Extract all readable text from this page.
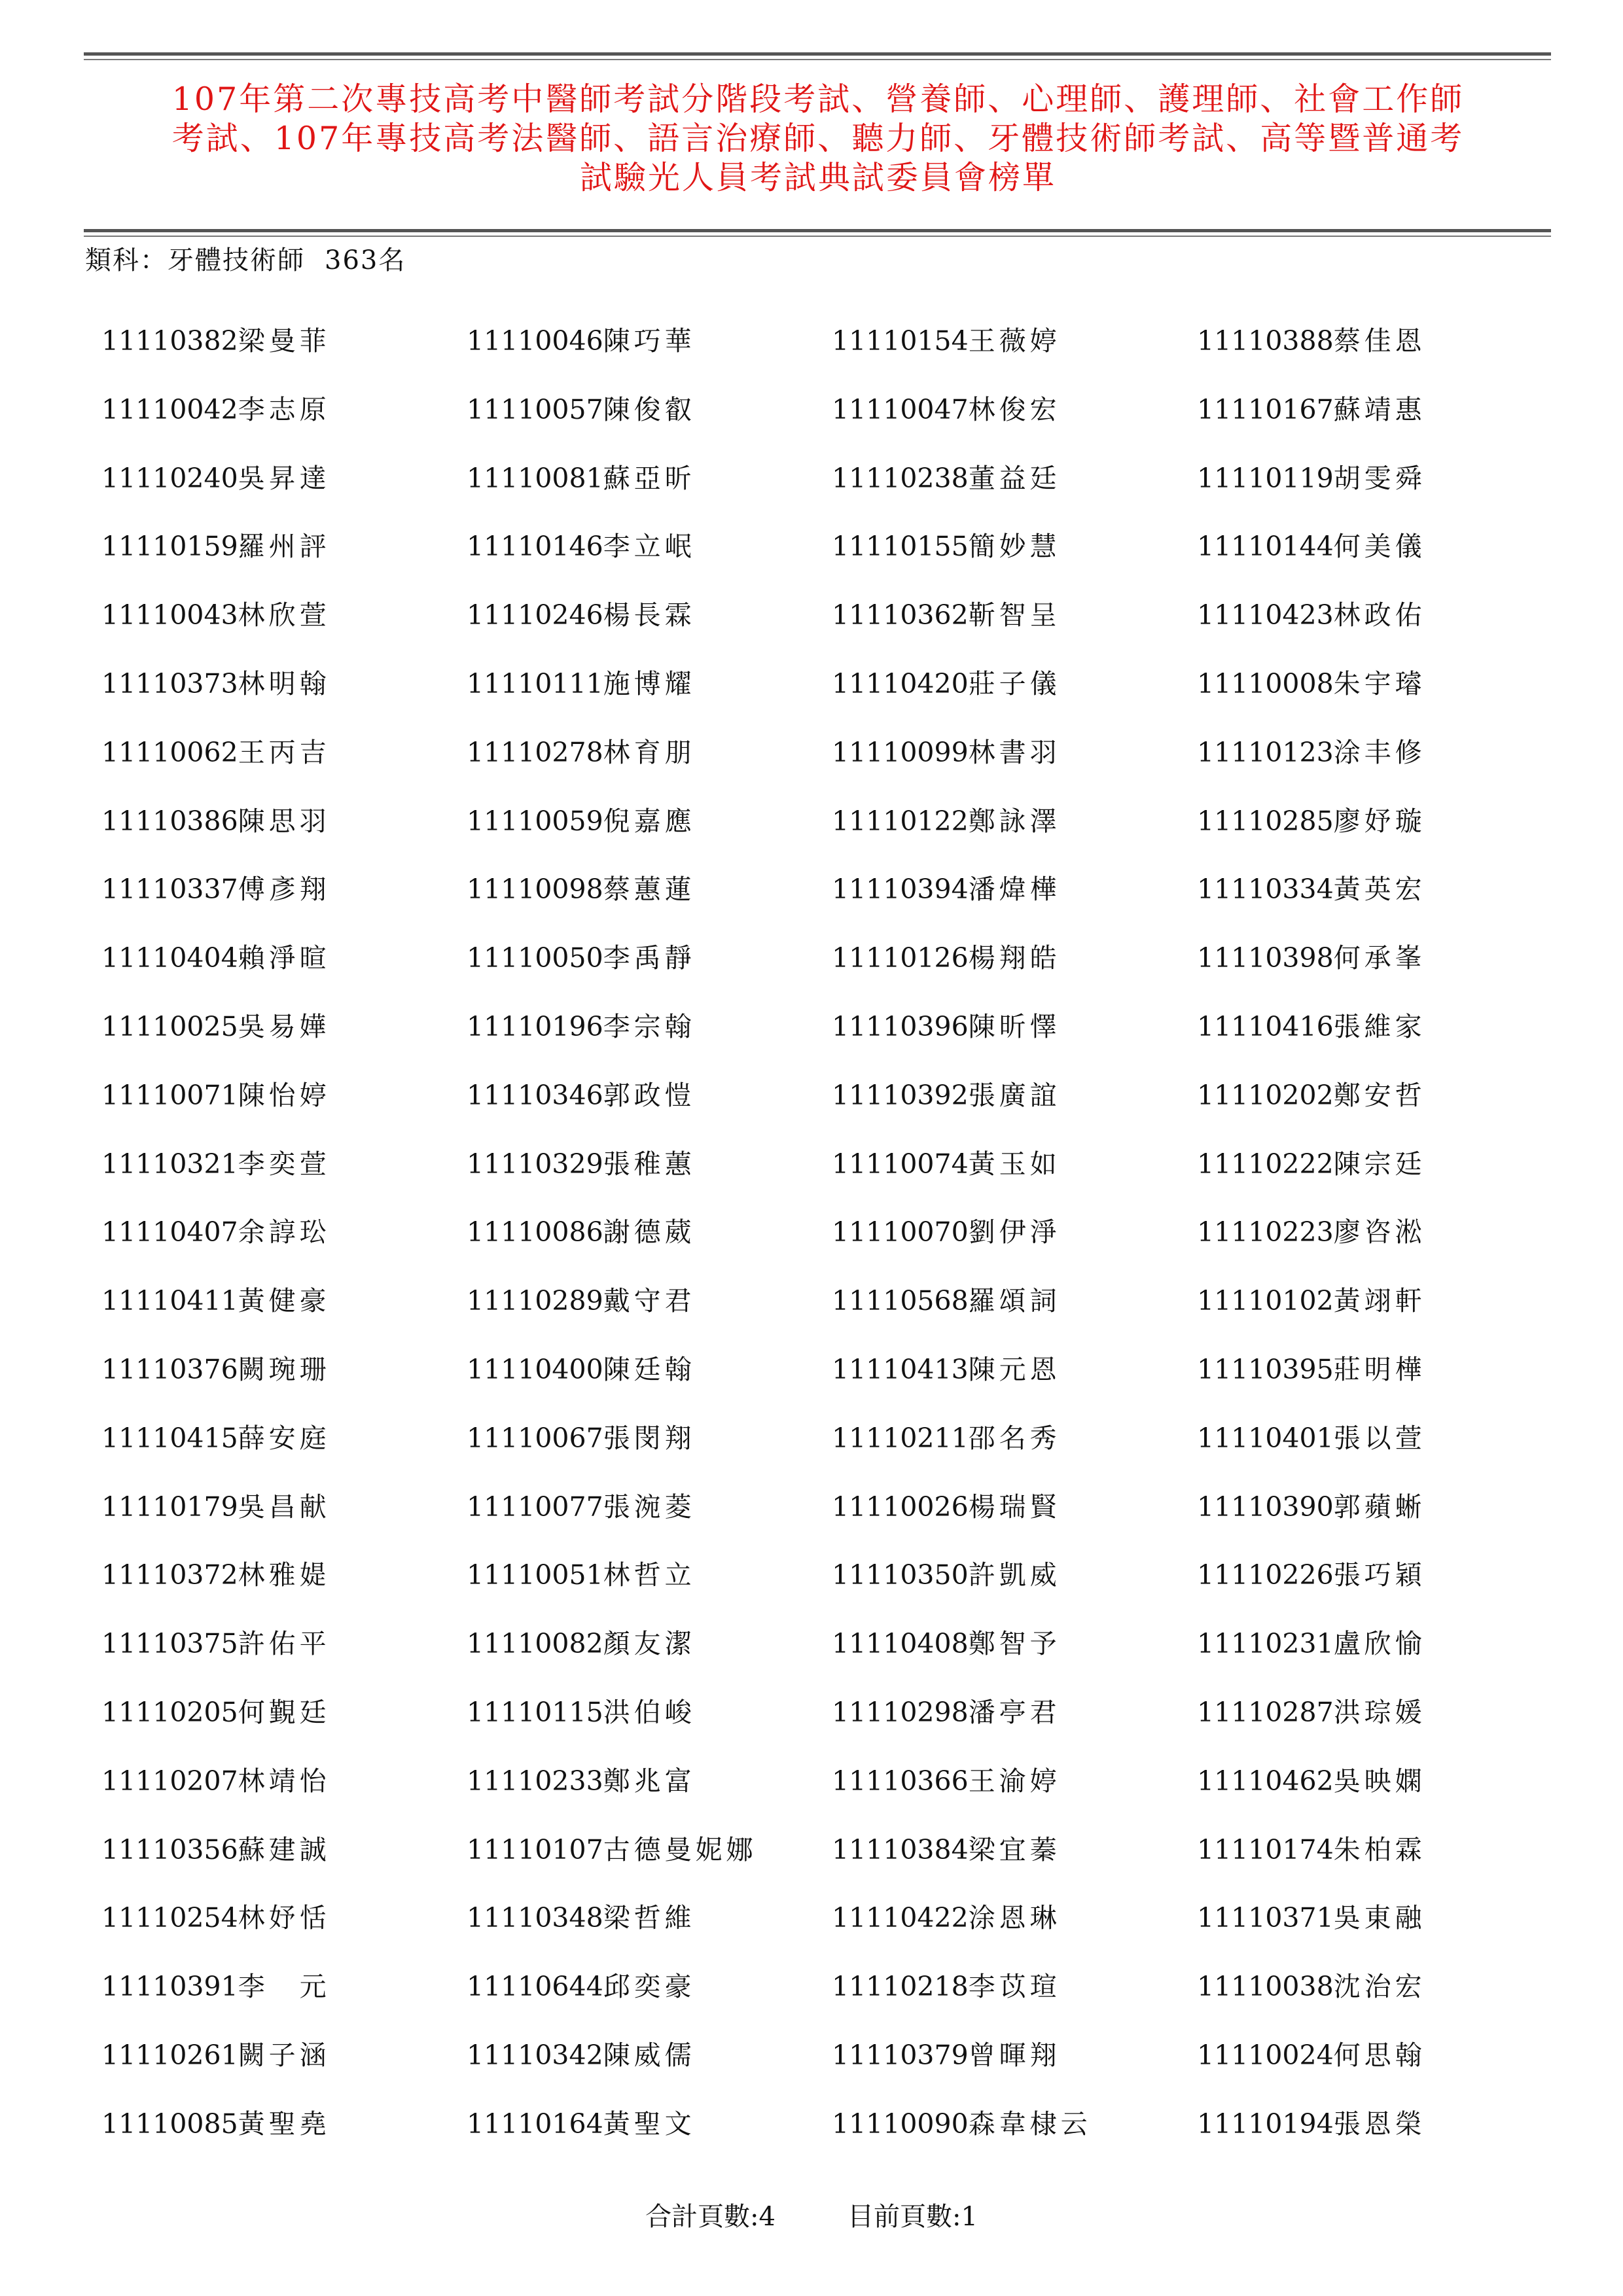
107年第二次專技高考中醫師考試分階段考試、營養師、心理師、護理師、社會工作師
考試、107年專技高考法醫師、語言治療師、聽力師、牙體技術師考試、高等暨普通考
試驗光人員考試典試委員會榜單
類科：牙體技術師 363名
11110382梁曼菲	11110046陳巧華	11110154王薇婷	11110388蔡佳恩
11110042李志原	11110057陳俊叡	11110047林俊宏	11110167蘇靖惠
11110240吳昇達	11110081蘇亞昕	11110238董益廷	11110119胡雯舜
11110159羅州評	11110146李立岷	11110155簡妙慧	11110144何美儀
11110043林欣萱	11110246楊長霖	11110362靳智呈	11110423林政佑
11110373林明翰	11110111施博耀	11110420莊子儀	11110008朱宇璿
11110062王丙吉	11110278林育朋	11110099林書羽	11110123涂丰修
11110386陳思羽	11110059倪嘉應	11110122鄭詠澤	11110285廖妤璇
11110337傅彥翔	11110098蔡蕙蓮	11110394潘煒樺	11110334黃英宏
11110404賴淨暄	11110050李禹靜	11110126楊翔皓	11110398何承峯
11110025吳易嬅	11110196李宗翰	11110396陳昕懌	11110416張維家
11110071陳怡婷	11110346郭政愷	11110392張廣誼	11110202鄭安哲
11110321李奕萱	11110329張稚蕙	11110074黃玉如	11110222陳宗廷
11110407余諄玜	11110086謝德葳	11110070劉伊淨	11110223廖咨淞
11110411黃健豪	11110289戴守君	11110568羅頌詞	11110102黃翊軒
11110376闕琬珊	11110400陳廷翰	11110413陳元恩	11110395莊明樺
11110415薛安庭	11110067張閔翔	11110211邵名秀	11110401張以萱
11110179吳昌献	11110077張涴菱	11110026楊瑞賢	11110390郭蘋蜥
11110372林雅媞	11110051林哲立	11110350許凱威	11110226張巧穎
11110375許佑平	11110082顏友潔	11110408鄭智予	11110231盧欣愉
11110205何覲廷	11110115洪伯峻	11110298潘亭君	11110287洪琮媛
11110207林靖怡	11110233鄭兆富	11110366王渝婷	11110462吳映嫻
11110356蘇建誠	11110107古德曼妮娜	11110384梁宜蓁	11110174朱柏霖
11110254林妤恬	11110348梁哲維	11110422涂恩琳	11110371吳東融
11110391李　元	11110644邱奕豪	11110218李苡瑄	11110038沈治宏
11110261闕子涵	11110342陳威儒	11110379曾暉翔	11110024何思翰
11110085黃聖堯	11110164黃聖文	11110090森韋棣云	11110194張恩榮
合計頁數:4	目前頁數:1
